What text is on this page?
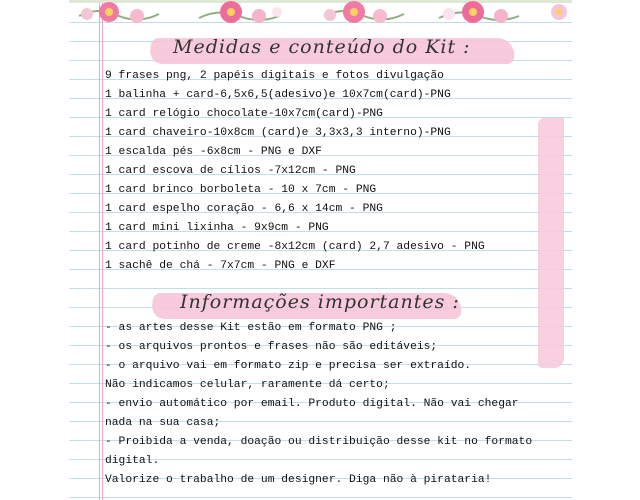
Medidas e conteúdo do Kit :
9 frases png, 2 papéis digitais e fotos divulgação
1 balinha + card-6,5x6,5(adesivo)e 10x7cm(card)-PNG
1 card relógio chocolate-10x7cm(card)-PNG
1 card chaveiro-10x8cm (card)e 3,3x3,3 interno)-PNG
1 escalda pés -6x8cm - PNG e DXF
1 card escova de cílios -7x12cm - PNG
1 card brinco borboleta - 10 x 7cm - PNG
1 card espelho coração - 6,6 x 14cm - PNG
1 card mini lixinha - 9x9cm - PNG
1 card potinho de creme -8x12cm (card) 2,7 adesivo - PNG
1 sachê de chá - 7x7cm - PNG e DXF
Informações importantes :
- as artes desse Kit estão em formato PNG ;
- os arquivos prontos e frases não são editáveis;
- o arquivo vai em formato zip e precisa ser extraído.
Não indicamos celular, raramente dá certo;
- envio automático por email. Produto digital. Não vai chegar
nada na sua casa;
- Proibida a venda, doação ou distribuição desse kit no formato
digital.
Valorize o trabalho de um designer. Diga não à pirataria!
